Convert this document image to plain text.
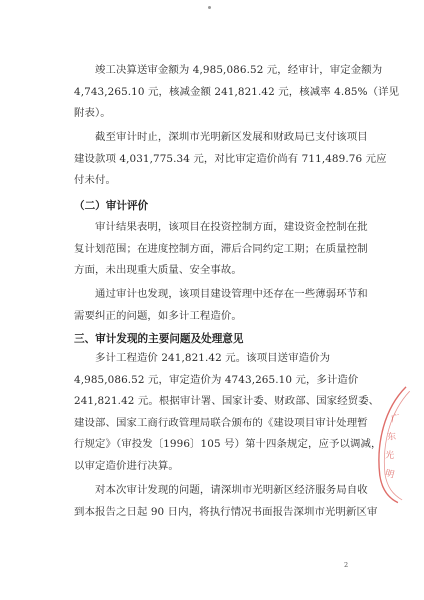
　　竣工决算送审金额为 4,985,086.52 元，经审计，审定金额为
4,743,265.10 元，核减金额 241,821.42 元，核减率 4.85%（详见
附表）。

　　截至审计时止，深圳市光明新区发展和财政局已支付该项目
建设款项 4,031,775.34 元，对比审定造价尚有 711,489.76 元应
付未付。

（二）审计评价

　　审计结果表明，该项目在投资控制方面，建设资金控制在批
复计划范围；在进度控制方面，滞后合同约定工期；在质量控制
方面，未出现重大质量、安全事故。

　　通过审计也发现，该项目建设管理中还存在一些薄弱环节和
需要纠正的问题，如多计工程造价。

三、审计发现的主要问题及处理意见

　　多计工程造价 241,821.42 元。该项目送审造价为
4,985,086.52 元，审定造价为 4743,265.10 元，多计造价
241,821.42 元。根据审计署、国家计委、财政部、国家经贸委、
建设部、国家工商行政管理局联合颁布的《建设项目审计处理暂
行规定》（审投发〔1996〕105 号）第十四条规定，应予以调减，
以审定造价进行决算。

　　对本次审计发现的问题，请深圳市光明新区经济服务局自收
到本报告之日起 90 日内，将执行情况书面报告深圳市光明新区审

广
东
光
明
2
